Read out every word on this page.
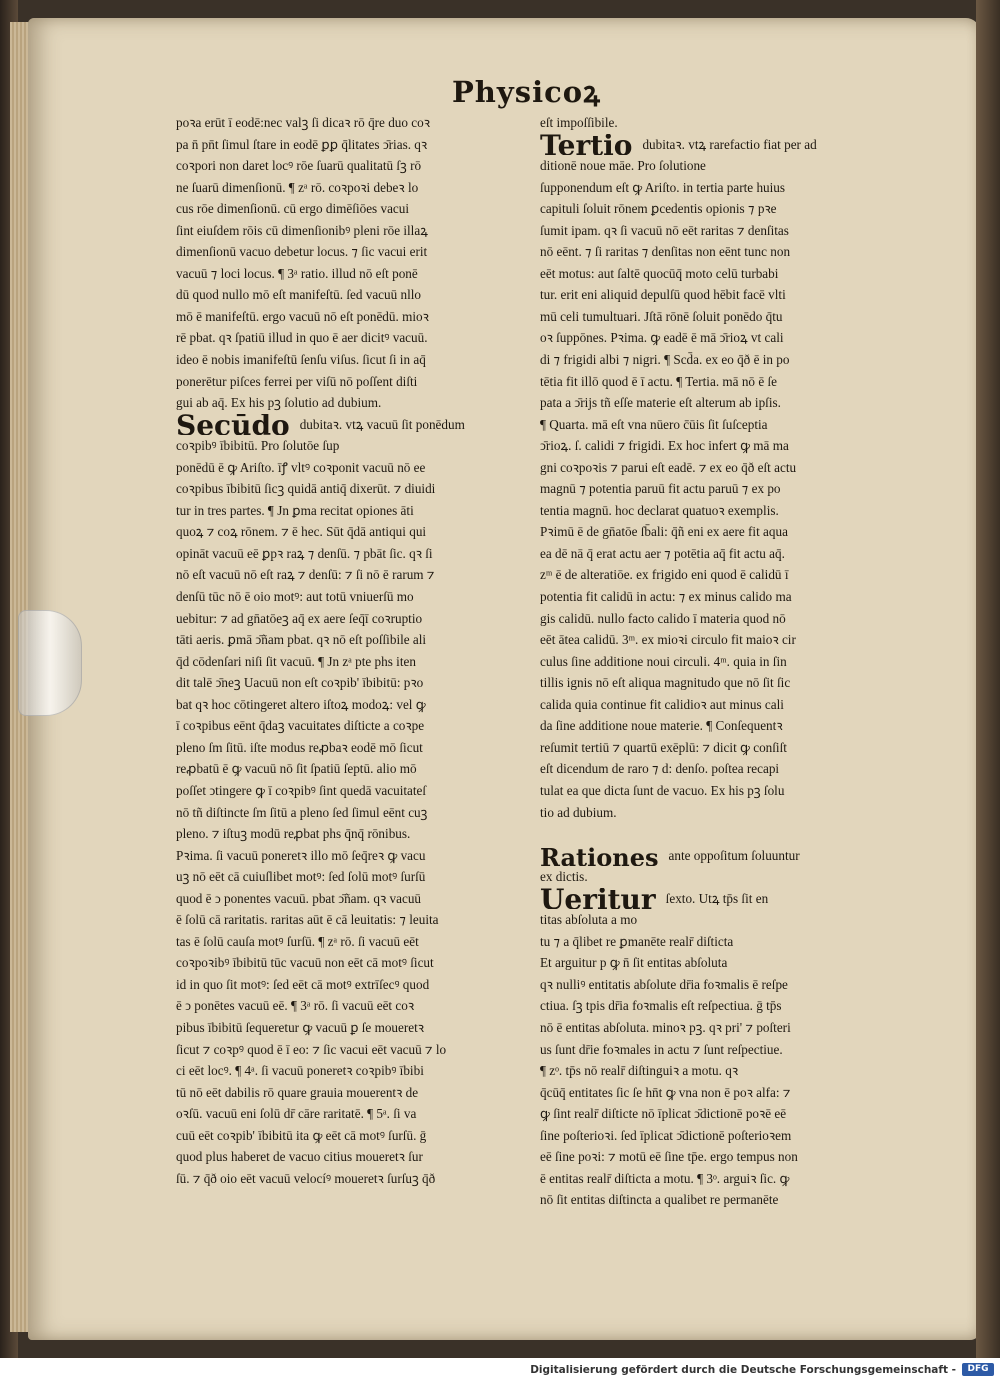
Physicoꝝ
poꝛa erūt ī eodē:nec valꝫ ſi dicaꝛ rō q̄re duo coꝛ
pa n̄ pn̄t ſimul ſtare in eodē ꝑꝑ q̄litates ↄ̄rias. qꝛ
coꝛpori non daret locꝰ rōe ſuarū qualitatū ſꝫ rō
ne ſuarū dimenſionū. ¶ zᵃ rō. coꝛpoꝛi debeꝛ lo
cus rōe dimenſionū. cū ergo dimēſiōes vacui
ſint eiuſdem rōis cū dimenſionibꝰ pleni rōe illaꝝ
dimenſionū vacuo debetur locus. ⁊ ſic vacui erit
vacuū ⁊ loci locus. ¶ 3ᵃ ratio. illud nō eſt ponē
dū quod nullo mō eſt manifeſtū. ſed vacuū nllo
mō ē manifeſtū. ergo vacuū nō eſt ponēdū. mioꝛ
rē pbat. qꝛ ſpatiū illud in quo ē aer dicitꝰ vacuū.
ideo ē nobis imanifeſtū ſenſu viſus. ſicut ſi in aq̄
ponerētur piſces ferrei per viſū nō poſſent diſti
gui ab aq̄. Ex his pꝫ ſolutio ad dubium.
Secūdo dubitaꝛ. vtꝝ vacuū ſit ponēdum
coꝛpibꝰ ībibitū. Pro ſolutōe ſup
ponēdū ē ꝙ Ariſto. īꝭ vltꝰ coꝛponit vacuū nō ee
coꝛpibus ībibitū ſicꝫ quidā antiq̄ dixerūt. ⁊ diuidi
tur in tres partes. ¶ Jn ꝑma recitat opiones āti
quoꝝ ⁊ coꝝ rōnem. ⁊ ē hec. Sūt q̄dā antiqui qui
opināt vacuū eē ꝑpꝛ raꝝ ⁊ denſū. ⁊ pbāt ſic. qꝛ ſi
nō eſt vacuū nō eſt raꝝ ⁊ denſū: ⁊ ſi nō ē rarum ⁊
denſū tūc nō ē oio motꝰ: aut totū vniuerſū mo
uebitur: ⁊ ad gn̄atōeꝫ aq̄ ex aere ſeq̄ī coꝛruptio
tāti aeris. ꝑmā ↄ̄ñam pbat. qꝛ nō eſt poſſibile ali
q̄d cōdenſari niſi ſit vacuū. ¶ Jn zᵃ pte phs iten
dit talē ↄ̄neꝫ Uacuū non eſt coꝛpib' ībibitū: pꝛo
bat qꝛ hoc cōtingeret altero iſtoꝝ modoꝝ: vel ꝙ
ī coꝛpibus eēnt q̄daꝫ vacuitates diſticte a coꝛpe
pleno ſm ſitū. iſte modus reꝓbaꝛ eodē mō ſicut
reꝓbatū ē ꝙ vacuū nō ſit ſpatiū ſeptū. alio mō
poſſet ↄtingere ꝙ ī coꝛpibꝰ ſint quedā vacuitateſ
nō tñ diſtincte ſm ſitū a pleno ſed ſimul eēnt cuꝫ
pleno. ⁊ iſtuꝫ modū reꝓbat phs q̄nq̄ rōnibus.
Pꝛima. ſi vacuū poneretꝛ illo mō ſeq̄reꝛ ꝙ vacu
uꝫ nō eēt cā cuiuſlibet motꝰ: ſed ſolū motꝰ ſurſū
quod ē ↄ ponentes vacuū. pbat ↄ̄ñam. qꝛ vacuū
ē ſolū cā raritatis. raritas aūt ē cā leuitatis: ⁊ leuita
tas ē ſolū cauſa motꝰ ſurſū. ¶ zᵃ rō. ſi vacuū eēt
coꝛpoꝛibꝰ ībibitū tūc vacuū non eēt cā motꝰ ſicut
id in quo ſit motꝰ: ſed eēt cā motꝰ extrīſecꝰ quod
ē ↄ ponētes vacuū eē. ¶ 3ᵃ rō. ſi vacuū eēt coꝛ
pibus ībibitū ſequeretur ꝙ vacuū ꝑ ſe moueretꝛ
ſicut ⁊ coꝛpꝰ quod ē ī eo: ⁊ ſic vacui eēt vacuū ⁊ lo
ci eēt locꝰ. ¶ 4ᵃ. ſi vacuū poneretꝛ coꝛpibꝰ ībibi
tū nō eēt dabilis rō quare grauia mouerentꝛ de
oꝛſū. vacuū eni ſolū dr̄ cāre raritatē. ¶ 5ᵃ. ſi va
cuū eēt coꝛpib' ībibitū ita ꝙ eēt cā motꝰ ſurſū. ḡ
quod plus haberet de vacuo citius moueretꝛ ſur
ſū. ⁊ q̄ð oio eēt vacuū velocíꝰ moueretꝛ ſurſuꝫ q̄ð
eſt impoſſibile.
Tertio dubitaꝛ. vtꝝ rarefactio fiat per ad
ditionē noue māe. Pro ſolutione
ſupponendum eſt ꝙ Ariſto. in tertia parte huius
capituli ſoluit rōnem ꝑcedentis opionis ⁊ pꝛe
ſumit ipam. qꝛ ſi vacuū nō eēt raritas ⁊ denſitas
nō eēnt. ⁊ ſi raritas ⁊ denſitas non eēnt tunc non
eēt motus: aut ſaltē quocūq̄ moto celū turbabi
tur. erit eni aliquid depulſū quod hēbit facē vlti
mū celi tumultuari. Jſtā rōnē ſoluit ponēdo q̄tu
oꝛ ſuppōnes. Pꝛima. ꝙ eadē ē mā ↄ̄rioꝝ vt cali
di ⁊ frigidi albi ⁊ nigri. ¶ Scd̄a. ex eo q̄ð ē in po
tētia fit illō quod ē ī actu. ¶ Tertia. mā nō ē ſe
pata a ↄ̄rijs tñ eſſe materie eſt alterum ab ipſis.
¶ Quarta. mā eſt vna nūero c̄ūis ſit ſuſceptia
ↄ̄rioꝝ. ſ. calidi ⁊ frigidi. Ex hoc infert ꝙ mā ma
gni coꝛpoꝛis ⁊ parui eſt eadē. ⁊ ex eo q̄ð eſt actu
magnū ⁊ potentia paruū fit actu paruū ⁊ ex po
tentia magnū. hoc declarat quatuoꝛ exemplis.
Pꝛimū ē de gn̄atōe ſb̄ali: q̄ñ eni ex aere fit aqua
ea dē nā q̄ erat actu aer ⁊ potētia aq̄ fit actu aq̄.
zᵐ ē de alteratiōe. ex frigido eni quod ē calidū ī
potentia fit calidū in actu: ⁊ ex minus calido ma
gis calidū. nullo facto calido ī materia quod nō
eēt ātea calidū. 3ᵐ. ex mioꝛi circulo fit maioꝛ cir
culus ſine additione noui circuli. 4ᵐ. quia in ſin
tillis ignis nō eſt aliqua magnitudo que nō ſit ſic
calida quia continue fit calidioꝛ aut minus cali
da ſine additione noue materie. ¶ Conſequentꝛ
reſumit tertiū ⁊ quartū exēplū: ⁊ dicit ꝙ conſiſt
eſt dicendum de raro ⁊ d: denſo. poſtea recapi
tulat ea que dicta ſunt de vacuo. Ex his pꝫ ſolu
tio ad dubium.
Rationes ante oppoſitum ſoluuntur
ex dictis.
Ueritur ſexto. Utꝝ tp̄s ſit en
titas abſoluta a mo
tu ⁊ a q̄libet re ꝑmanēte realr̄ diſticta
Et arguitur p ꝙ n̄ ſit entitas abſoluta
qꝛ nulliꝰ entitatis abſolute dr̄ia foꝛmalis ē reſpe
ctiua. ſꝫ tpis dr̄ia foꝛmalis eſt reſpectiua. ḡ tp̄s
nō ē entitas abſoluta. minoꝛ pꝫ. qꝛ pri' ⁊ poſteri
us ſunt dr̄ie foꝛmales in actu ⁊ ſunt reſpectiue.
¶ zᵒ. tp̄s nō realr̄ diſtinguiꝛ a motu. qꝛ
q̄cūq̄ entitates ſic ſe hn̄t ꝙ vna non ē poꝛ alfa: ⁊
ꝙ ſint realr̄ diſticte nō īplicat ↄ̄dictionē poꝛē eē
ſine poſterioꝛi. ſed īplicat ↄ̄dictionē poſterioꝛem
eē ſine poꝛi: ⁊ motū eē ſine tp̄e. ergo tempus non
ē entitas realr̄ diſticta a motu. ¶ 3ᵒ. arguiꝛ ſic. ꝙ
nō ſit entitas diſtincta a qualibet re permanēte
Digitalisierung gefördert durch die Deutsche Forschungsgemeinschaft -	DFG
